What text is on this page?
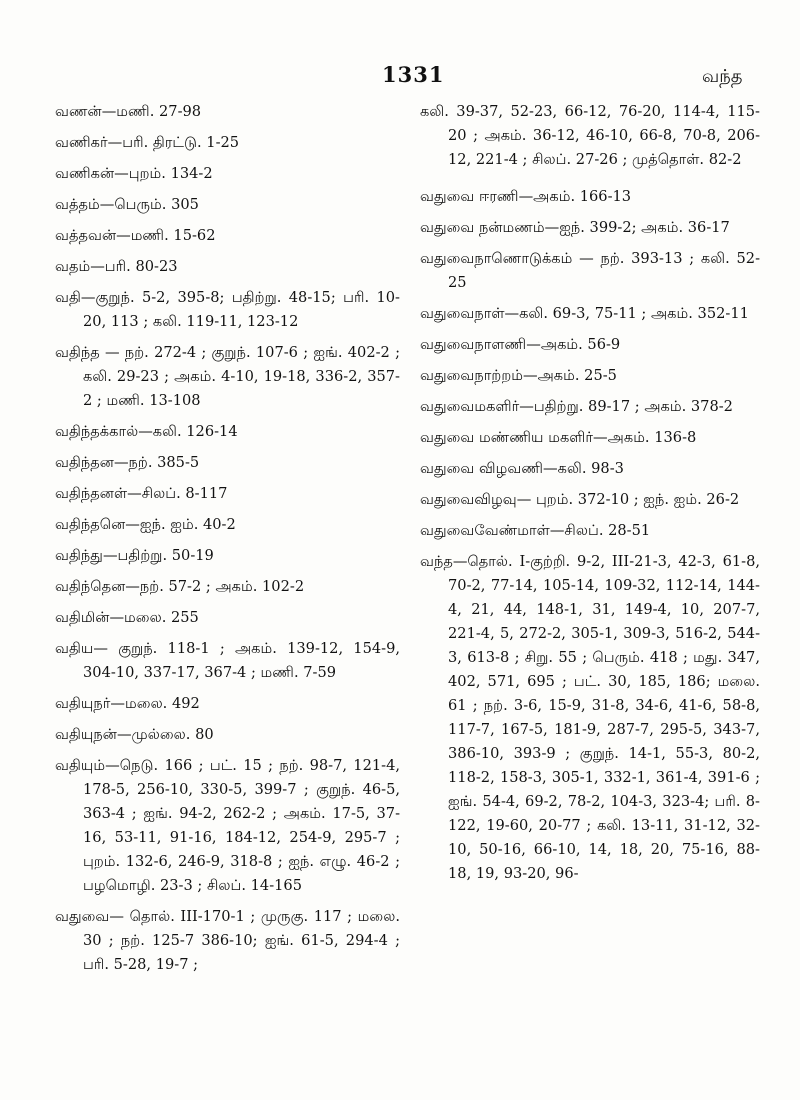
1331	வந்த
வணன்—மணி. 27-98
வணிகர்—பரி. திரட்டு. 1-25
வணிகன்—புறம். 134-2
வத்தம்—பெரும். 305
வத்தவன்—மணி. 15-62
வதம்—பரி. 80-23
வதி—குறுந். 5-2, 395-8; பதிற்று. 48-15; பரி. 10-20, 113 ; கலி. 119-11, 123-12
வதிந்த — நற். 272-4 ; குறுந். 107-6 ; ஐங். 402-2 ; கலி. 29-23 ; அகம். 4-10, 19-18, 336-2, 357-2 ; மணி. 13-108
வதிந்தக்கால்—கலி. 126-14
வதிந்தன—நற். 385-5
வதிந்தனள்—சிலப். 8-117
வதிந்தனெ—ஐந். ஐம். 40-2
வதிந்து—பதிற்று. 50-19
வதிந்தென—நற். 57-2 ; அகம். 102-2
வதிமின்—மலை. 255
வதிய— குறுந். 118-1 ; அகம். 139-12, 154-9, 304-10, 337-17, 367-4 ; மணி. 7-59
வதியுநர்—மலை. 492
வதியுநன்—முல்லை. 80
வதியும்—நெடு. 166 ; பட். 15 ; நற். 98-7, 121-4, 178-5, 256-10, 330-5, 399-7 ; குறுந். 46-5, 363-4 ; ஐங். 94-2, 262-2 ; அகம். 17-5, 37-16, 53-11, 91-16, 184-12, 254-9, 295-7 ; புறம். 132-6, 246-9, 318-8 ; ஐந். எழு. 46-2 ; பழமொழி. 23-3 ; சிலப். 14-165
வதுவை— தொல். III-170-1 ; முருகு. 117 ; மலை. 30 ; நற். 125-7 386-10; ஐங். 61-5, 294-4 ; பரி. 5-28, 19-7 ;
கலி. 39-37, 52-23, 66-12, 76-20, 114-4, 115-20 ; அகம். 36-12, 46-10, 66-8, 70-8, 206-12, 221-4 ; சிலப். 27-26 ; முத்தொள். 82-2
வதுவை ஈரணி—அகம். 166-13
வதுவை நன்மணம்—ஐந். 399-2; அகம். 36-17
வதுவைநாணொடுக்கம் — நற். 393-13 ; கலி. 52-25
வதுவைநாள்—கலி. 69-3, 75-11 ; அகம். 352-11
வதுவைநாளணி—அகம். 56-9
வதுவைநாற்றம்—அகம். 25-5
வதுவைமகளிர்—பதிற்று. 89-17 ; அகம். 378-2
வதுவை மண்ணிய மகளிர்—அகம். 136-8
வதுவை விழவணி—கலி. 98-3
வதுவைவிழவு— புறம். 372-10 ; ஐந். ஐம். 26-2
வதுவைவேண்மாள்—சிலப். 28-51
வந்த—தொல். I-குற்றி. 9-2, III-21-3, 42-3, 61-8, 70-2, 77-14, 105-14, 109-32, 112-14, 144-4, 21, 44, 148-1, 31, 149-4, 10, 207-7, 221-4, 5, 272-2, 305-1, 309-3, 516-2, 544-3, 613-8 ; சிறு. 55 ; பெரும். 418 ; மது. 347, 402, 571, 695 ; பட். 30, 185, 186; மலை. 61 ; நற். 3-6, 15-9, 31-8, 34-6, 41-6, 58-8, 117-7, 167-5, 181-9, 287-7, 295-5, 343-7, 386-10, 393-9 ; குறுந். 14-1, 55-3, 80-2, 118-2, 158-3, 305-1, 332-1, 361-4, 391-6 ; ஐங். 54-4, 69-2, 78-2, 104-3, 323-4; பரி. 8-122, 19-60, 20-77 ; கலி. 13-11, 31-12, 32-10, 50-16, 66-10, 14, 18, 20, 75-16, 88-18, 19, 93-20, 96-
